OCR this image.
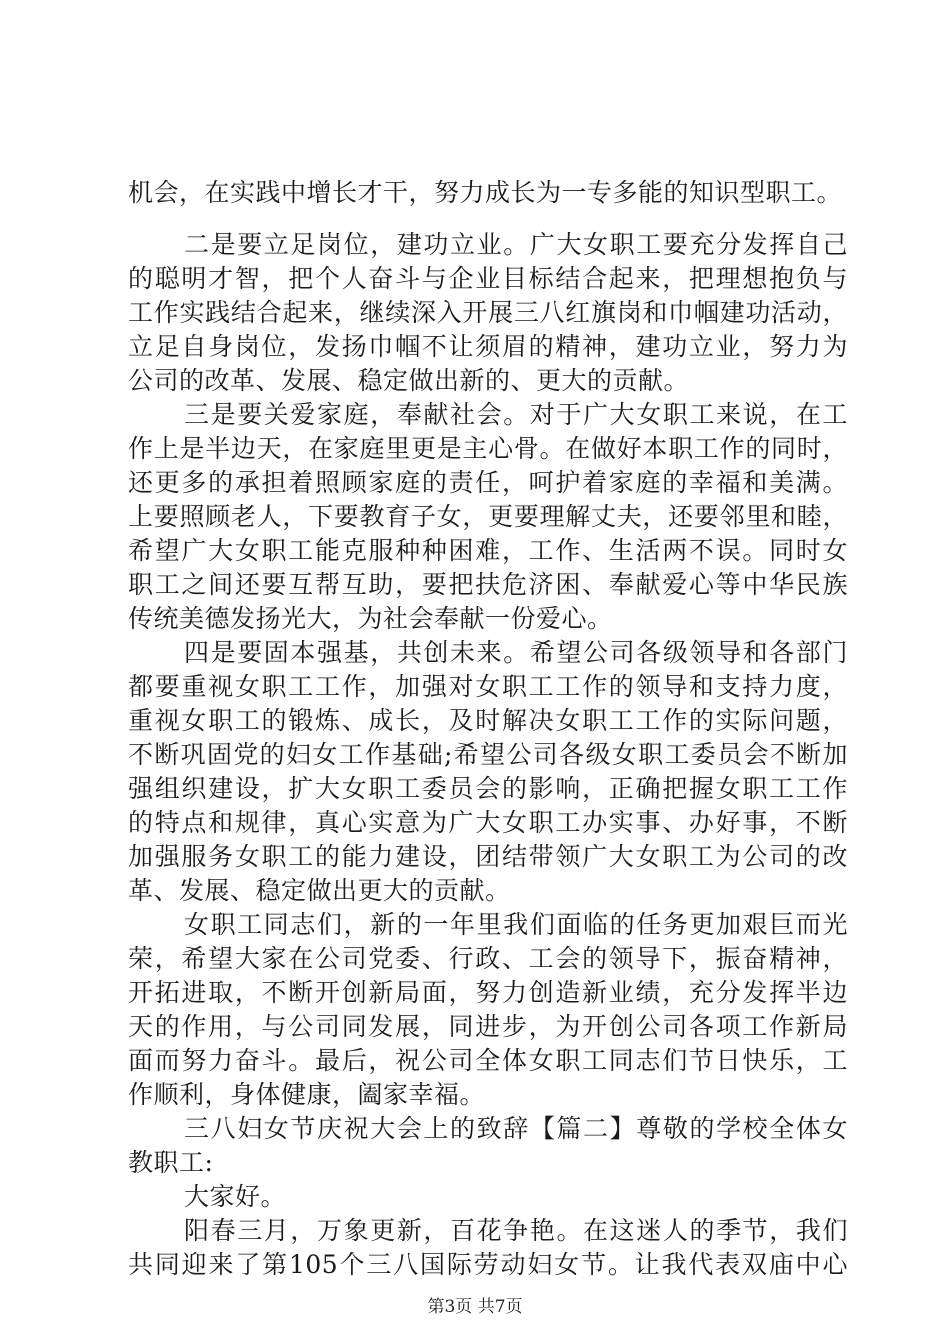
机会，在实践中增长才干，努力成长为一专多能的知识型职工。
二是要立足岗位，建功立业。广大女职工要充分发挥自己
的聪明才智，把个人奋斗与企业目标结合起来，把理想抱负与
工作实践结合起来，继续深入开展三八红旗岗和巾帼建功活动，
立足自身岗位，发扬巾帼不让须眉的精神，建功立业，努力为
公司的改革、发展、稳定做出新的、更大的贡献。
三是要关爱家庭，奉献社会。对于广大女职工来说，在工
作上是半边天，在家庭里更是主心骨。在做好本职工作的同时，
还更多的承担着照顾家庭的责任，呵护着家庭的幸福和美满。
上要照顾老人，下要教育子女，更要理解丈夫，还要邻里和睦，
希望广大女职工能克服种种困难，工作、生活两不误。同时女
职工之间还要互帮互助，要把扶危济困、奉献爱心等中华民族
传统美德发扬光大，为社会奉献一份爱心。
四是要固本强基，共创未来。希望公司各级领导和各部门
都要重视女职工工作，加强对女职工工作的领导和支持力度，
重视女职工的锻炼、成长，及时解决女职工工作的实际问题，
不断巩固党的妇女工作基础;希望公司各级女职工委员会不断加
强组织建设，扩大女职工委员会的影响，正确把握女职工工作
的特点和规律，真心实意为广大女职工办实事、办好事，不断
加强服务女职工的能力建设，团结带领广大女职工为公司的改
革、发展、稳定做出更大的贡献。
女职工同志们，新的一年里我们面临的任务更加艰巨而光
荣，希望大家在公司党委、行政、工会的领导下，振奋精神，
开拓进取，不断开创新局面，努力创造新业绩，充分发挥半边
天的作用，与公司同发展，同进步，为开创公司各项工作新局
面而努力奋斗。最后，祝公司全体女职工同志们节日快乐，工
作顺利，身体健康，阖家幸福。
三八妇女节庆祝大会上的致辞【篇二】尊敬的学校全体女
教职工:
大家好。
阳春三月，万象更新，百花争艳。在这迷人的季节，我们
第3页 共7页
共同迎来了第105个三八国际劳动妇女节。让我代表双庙中心
